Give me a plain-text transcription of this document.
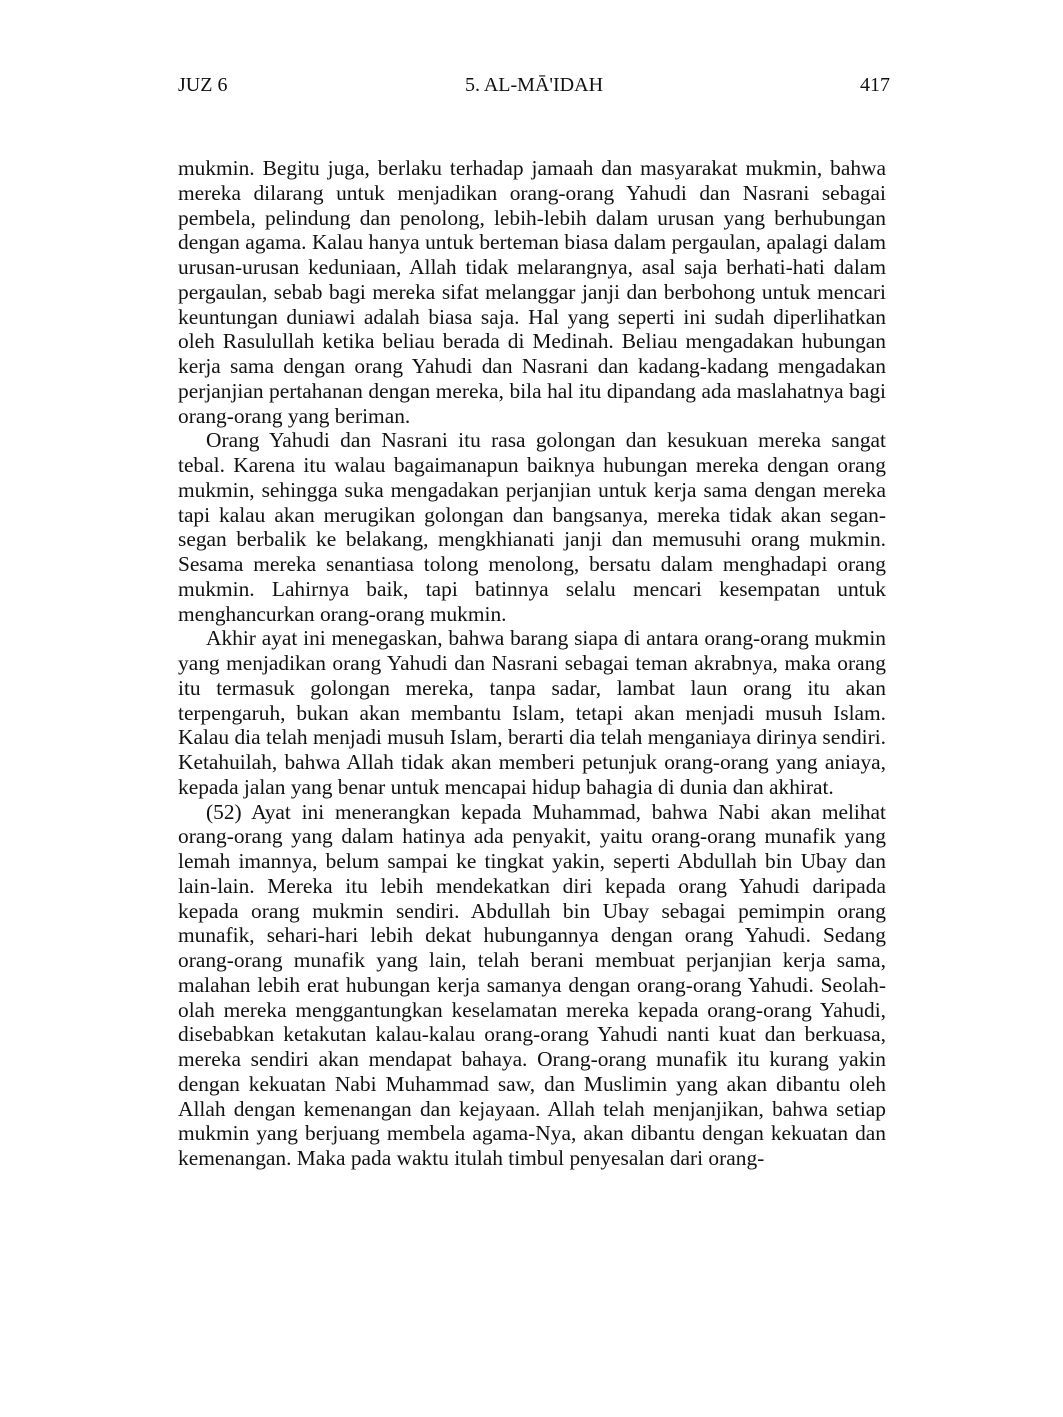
JUZ 6	5. AL-MĀ'IDAH	417

mukmin. Begitu juga, berlaku terhadap jamaah dan masyarakat mukmin, bahwa mereka dilarang untuk menjadikan orang-orang Yahudi dan Nasrani sebagai pembela, pelindung dan penolong, lebih-lebih dalam urusan yang berhubungan dengan agama. Kalau hanya untuk berteman biasa dalam pergaulan, apalagi dalam urusan-urusan keduniaan, Allah tidak melarangnya, asal saja berhati-hati dalam pergaulan, sebab bagi mereka sifat melanggar janji dan berbohong untuk mencari keuntungan duniawi adalah biasa saja. Hal yang seperti ini sudah diperlihatkan oleh Rasulullah ketika beliau berada di Medinah. Beliau mengadakan hubungan kerja sama dengan orang Yahudi dan Nasrani dan kadang-kadang mengadakan perjanjian pertahanan dengan mereka, bila hal itu dipandang ada maslahatnya bagi orang-orang yang beriman.

Orang Yahudi dan Nasrani itu rasa golongan dan kesukuan mereka sangat tebal. Karena itu walau bagaimanapun baiknya hubungan mereka dengan orang mukmin, sehingga suka mengadakan perjanjian untuk kerja sama dengan mereka tapi kalau akan merugikan golongan dan bangsanya, mereka tidak akan segan-segan berbalik ke belakang, mengkhianati janji dan memusuhi orang mukmin. Sesama mereka senantiasa tolong menolong, bersatu dalam menghadapi orang mukmin. Lahirnya baik, tapi batinnya selalu mencari kesempatan untuk menghancurkan orang-orang mukmin.

Akhir ayat ini menegaskan, bahwa barang siapa di antara orang-orang mukmin yang menjadikan orang Yahudi dan Nasrani sebagai teman akrabnya, maka orang itu termasuk golongan mereka, tanpa sadar, lambat laun orang itu akan terpengaruh, bukan akan membantu Islam, tetapi akan menjadi musuh Islam. Kalau dia telah menjadi musuh Islam, berarti dia telah menganiaya dirinya sendiri. Ketahuilah, bahwa Allah tidak akan memberi petunjuk orang-orang yang aniaya, kepada jalan yang benar untuk mencapai hidup bahagia di dunia dan akhirat.

(52) Ayat ini menerangkan kepada Muhammad, bahwa Nabi akan melihat orang-orang yang dalam hatinya ada penyakit, yaitu orang-orang munafik yang lemah imannya, belum sampai ke tingkat yakin, seperti Abdullah bin Ubay dan lain-lain. Mereka itu lebih mendekatkan diri kepada orang Yahudi daripada kepada orang mukmin sendiri. Abdullah bin Ubay sebagai pemimpin orang munafik, sehari-hari lebih dekat hubungannya dengan orang Yahudi. Sedang orang-orang munafik yang lain, telah berani membuat perjanjian kerja sama, malahan lebih erat hubungan kerja samanya dengan orang-orang Yahudi. Seolah-olah mereka menggantungkan keselamatan mereka kepada orang-orang Yahudi, disebabkan ketakutan kalau-kalau orang-orang Yahudi nanti kuat dan berkuasa, mereka sendiri akan mendapat bahaya. Orang-orang munafik itu kurang yakin dengan kekuatan Nabi Muhammad saw, dan Muslimin yang akan dibantu oleh Allah dengan kemenangan dan kejayaan. Allah telah menjanjikan, bahwa setiap mukmin yang berjuang membela agama-Nya, akan dibantu dengan kekuatan dan kemenangan. Maka pada waktu itulah timbul penyesalan dari orang-
